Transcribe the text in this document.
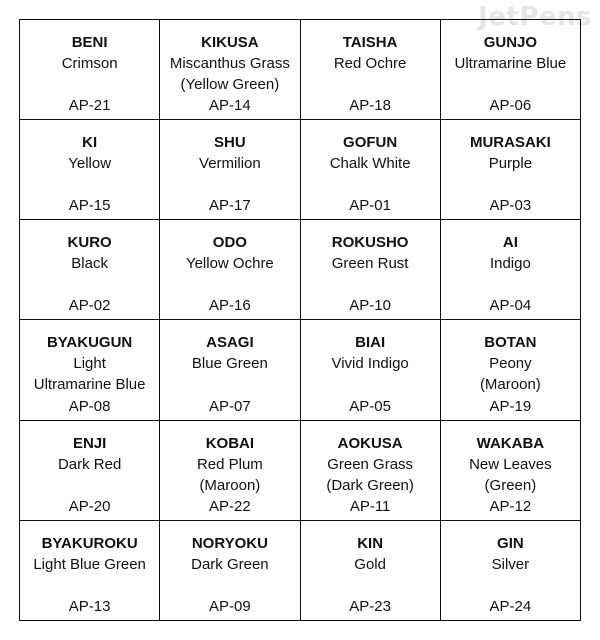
JetPens
BENI
Crimson
AP-21
KIKUSA
Miscanthus Grass
(Yellow Green)
AP-14
TAISHA
Red Ochre
AP-18
GUNJO
Ultramarine Blue
AP-06
KI
Yellow
AP-15
SHU
Vermilion
AP-17
GOFUN
Chalk White
AP-01
MURASAKI
Purple
AP-03
KURO
Black
AP-02
ODO
Yellow Ochre
AP-16
ROKUSHO
Green Rust
AP-10
AI
Indigo
AP-04
BYAKUGUN
Light
Ultramarine Blue
AP-08
ASAGI
Blue Green
AP-07
BIAI
Vivid Indigo
AP-05
BOTAN
Peony
(Maroon)
AP-19
ENJI
Dark Red
AP-20
KOBAI
Red Plum
(Maroon)
AP-22
AOKUSA
Green Grass
(Dark Green)
AP-11
WAKABA
New Leaves
(Green)
AP-12
BYAKUROKU
Light Blue Green
AP-13
NORYOKU
Dark Green
AP-09
KIN
Gold
AP-23
GIN
Silver
AP-24
